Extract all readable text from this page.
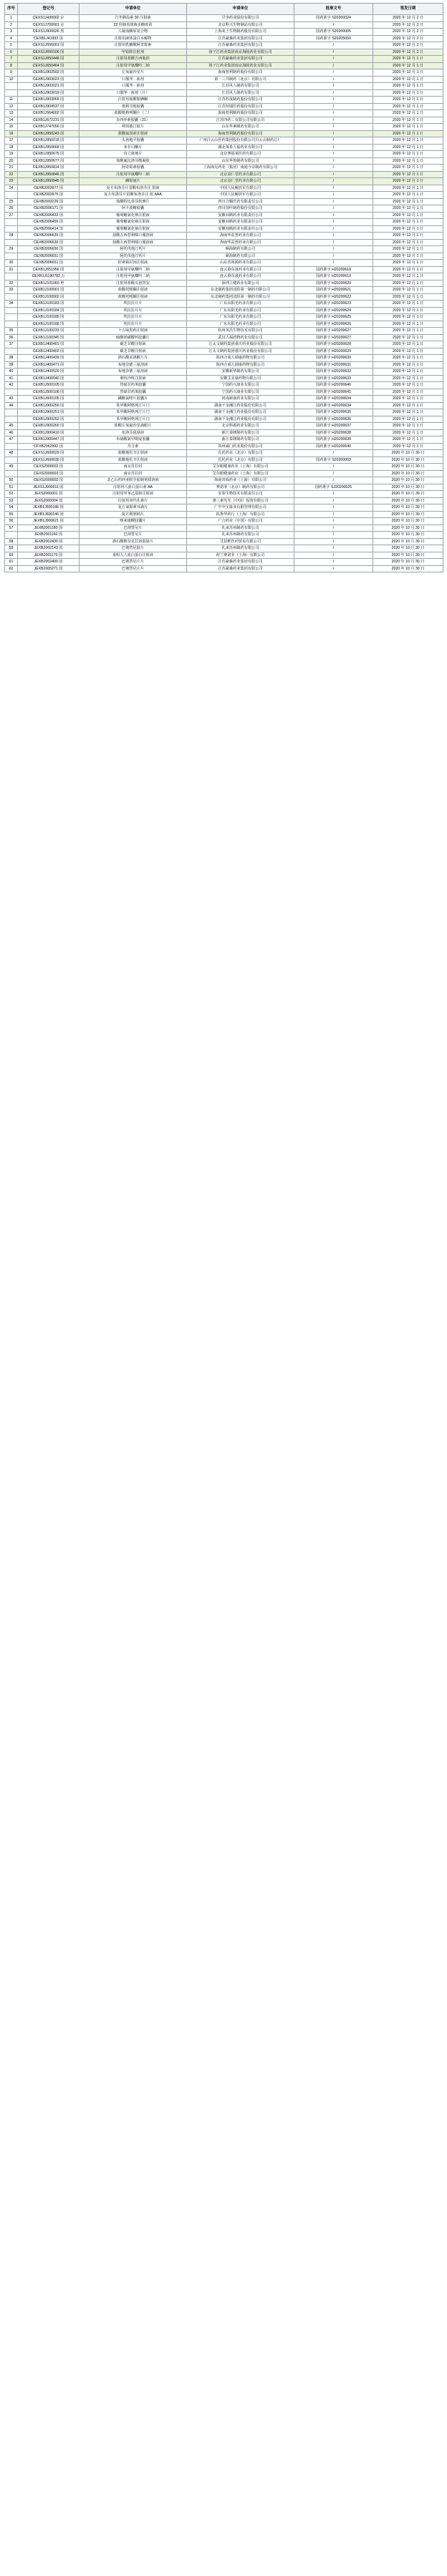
序号	登记号	申请单位	申请单位	批准文号	签发日期
1	CEXS1J430002 京	门冬胰岛素 30 注射液	甘李药业股份有限公司	国药准字 S20200024	2020 年 12 月 2 日
2	CEXS1J700001 京	23 价肺炎球菌多糖疫苗	北京科兴生物制品有限公司	/	2020 年 12 月 2 日
3	CEXS1J900026 黑	人凝血酶原复合物	上海莱士生物制药股份有限公司	国药准字 S20200005	2020 年 12 月 2 日
4	CEXB1J41993 国	注射用液体蛋白水解物	江苏豪森药业集团有限公司	国药准字 S20205050	2020 年 12 月 2 日
5	CEXS1J556001 国	注射用乳糖酸阿奇霉素	江苏豪森药业集团有限公司	/	2020 年 12 月 2 日
6	CEXS1J650106 国	甲钴胺注射剂	扬子江药业集团南京海陵药业有限公司	/	2020 年 12 月 2 日
7	CEXS1J650448 国	注射用盐酸吉西他滨	江苏豪森药业集团有限公司	/	2020 年 12 月 1 日
8	CEXS1J650464 国	注射用甲氨蝶呤二钠	扬子江药业集团南京海陵药业有限公司	/	2020 年 12 月 1 日
9	CEXB1J902503 国	左氧氟沙星片	海南普利制药股份有限公司	/	2020 年 12 月 1 日
10	CEXB1J903023 国	口服华 · 液剂	第一三共制药（北京）有限公司	/	2020 年 12 月 1 日
	CEXB1J903021 国	口服华 · 液剂	江苏风人制药有限公司	/	2020 年 12 月 1 日
	CEXB1J903019 国	口服华 · 液剂（片）	江苏风人制药有限公司	/	2020 年 12 月 1 日
11	CEXB1J903065 国	注射用盐酸胺碘酮	江苏苏晟制药股份有限公司	/	2020 年 12 月 1 日
12	CEXB1J904537 国	奥利司他胶囊	江苏恒瑞医药股份有限公司	/	2020 年 12 月 1 日
13	CEXB1J564002 国	盐酸吡格列酮片（二）	海南普利制药股份有限公司	/	2020 年 12 月 1 日
14	CEXB1J672231 国	多西环素胶囊（21）	江苏四药二有限公司有限公司	/	2020 年 12 月 1 日
15	CEXB1J747656 国	利伐他汀胶片	山东华素制药有限公司	/	2020 年 12 月 1 日
16	CEXB1J950243 国	盐酸氨溴索注射液	海南普利制药股份有限公司	/	2020 年 12 月 1 日
17	CEXB1J950218 国	头孢地平胶囊	广州白云山医药集团股份有限公司白云山制药总厂	/	2020 年 12 月 1 日
18	CEXB1J950668 国	米非司酮片	湖北莱希人福药业有限公司	/	2020 年 12 月 1 日
19	CEXB1J950675 国	仿立康地片	北京赛福莱医药有限公司	/	2020 年 12 月 1 日
20	CEXB1J950677 国	盐酸氟比洛芬酯凝胶	山东华鲁制药有限公司	/	2020 年 12 月 1 日
21	CEXB1J950814 国	阿奇霉素胶囊	上海海尼药业（集团）南通今奈制药有限公司	/	2020 年 12 月 1 日
22	CEXB1J950846 国	注射用甲氨蝶呤二钠	北京益仁堂药业有限公司	/	2020 年 12 月 1 日
23	CEXB1J950945 国	磷霉氨片	北京益仁堂药业有限公司	/	2020 年 12 月 1 日
24	CEXB2003977 国	复方布洛芬片雷酸布洛芬注 射液	中国人民解放军有限公司	/	2020 年 12 月 1 日
	CEXB2003975 国	复方布洛芬片雷酸布洛芬注 射 AAA	中国人民解放军有限公司	/	2020 年 12 月 1 日
25	CEXB2003226 国	盐酸特比萘芬软膏片	四川合顺医药有限责任公司	/	2020 年 12 月 1 日
26	CEXB2006171 国	阿卡波糖胶囊	四川国叶制药股份有限公司	/	2020 年 12 月 1 日
27	CEXB2006433 国	葡萄糖氯化钠注射液	安徽双鹤药业有限责任公司	/	2020 年 12 月 1 日
	CEXB2006455 国	葡萄糖氯化钠注射液	安徽双鹤药业有限责任公司	/	2020 年 12 月 1 日
	CEXB2006414 国	葡萄糖氯化钠注射液	安徽双鹤药业有限责任公司	/	2020 年 12 月 1 日
28	CEXB2006629 国	盐酸左西替利嗪口服溶液	海南华益普药业有限公司	/	2020 年 12 月 1 日
	CEXB2006630 国	盐酸左西替利嗪口服溶液	海南华益普药业有限公司	/	2020 年 12 月 1 日
29	CEXB2006650 国	阿托伐他汀钙片	厮海制药有限公司	/	2020 年 12 月 1 日
	CEXB2006651 国	阿托伐他汀钙片	厮海制药有限公司	/	2020 年 12 月 1 日
30	CEXB2006651 国	肝素钠封闭注射液	山东省裕源药业有限公司	/	2020 年 12 月 1 日
31	CEXB1J651956 国	注射用甲氨蝶呤二钠	连云港东晟药业有限公司	国药准字 H20200618	2020 年 12 月 1 日
	CEXB1J1190782 万	注射用甲氨蝶呤二钠	连云港东晟药业有限公司	国药准字 H20200619	2020 年 12 月 1 日
32	CEXB1J101060 粤	注射用盐酸头孢替安	深圳立健药业有限公司	国药准字 H20200620	2020 年 12 月 1 日
33	CEXB1J100001 国	盐酸托哌酮注射液	东北制药集团沈阳第一制药有限公司	国药准字 H20200621	2020 年 12 月 1 日
	CEXB1J100002 国	盐酸托哌酮注射液	东北制药集团沈阳第一制药有限公司	国药准字 H20200622	2020 年 12 月 1 日
34	CEXB1J100183 国	埃拉拉片片	广东东阳光药业有限公司	国药准字 H20200623	2020 年 12 月 1 日
	CEXB1J100184 国	埃拉拉片片	广东东阳光药业有限公司	国药准字 H20200624	2020 年 12 月 1 日
	CEXB1J100185 国	埃拉拉片片	广东东阳光药业有限公司	国药准字 H20200625	2020 年 12 月 1 日
	CEXB1J100186 国	埃拉拉片片	广东东阳光药业有限公司	国药准字 H20200626	2020 年 12 月 1 日
35	CEXB1J100233 国	十五味黑药注射液	杭州英昌生物技术有限公司	国药准字 H20200627	2020 年 12 月 1 日
36	CEXB1J100345 国	硫酸镁碳酸钙胶囊片	武汉人福药物药业有限公司	国药准字 H20200627	2020 年 12 月 1 日
37	CEXB1J400401 国	碳芝甘酸注射液	江太文制药集团重庆药业股份有限公司	国药准字 H20200628	2020 年 12 月 1 日
	CEXB1J400402 国	碳芝甘酸注射液	江太文制药集团重庆药业股份有限公司	国药准字 H20200629	2020 年 12 月 1 日
38	CEXB1J400439 国	酒石酸美洛酸片片	陕西合成人瑞康药物有限公司	国药准字 H20200630	2020 年 12 月 1 日
39	CEXB1J400471 国	布地奈德三氨溶液	陕西合成人瑞康药物有限公司	国药准字 H20200631	2020 年 12 月 1 日
40	CEXB1J400520 国	布地奈德三氨溶液	安徽新华制药有限公司	国药准字 H20200632	2020 年 12 月 1 日
41	CEXB1J400540 国	利伐沙班注射液	安徽艾美康药物有限公司	国药准字 H20200633	2020 年 12 月 1 日
42	CEXB1J500105 国	替硝甘药苯胶囊	宁国药兴康业有限公司	国药准字 H20200640	2020 年 12 月 1 日
	CEXB1J500106 国	替硝甘药苯胶囊	宁国药兴康业有限公司	国药准字 H20200641	2020 年 12 月 1 日
43	CEXB1J600105 国	磷酸氯喹片胶囊片	河南新康药业有限公司	国药准字 H20200634	2020 年 12 月 1 日
44	CEXB1J900250 国	苯甲酸阿格列汀片门	湖南千金湘江药业股份有限公司	国药准字 H20200634	2020 年 12 月 1 日
	CEXB1J900251 国	苯甲酸阿格列汀片门	湖南千金湘江药业股份有限公司	国药准字 H20200635	2020 年 12 月 1 日
	CEXB1J900252 国	苯甲酸阿格列汀片门	湖南千金湘江药业股份有限公司	国药准字 H20200636	2020 年 12 月 1 日
45	CEXB1J900260 国	盐酸左氧氟沙星滴眼片	北京科源药业有限公司	国药准字 H20200637	2020 年 12 月 1 日
46	CEXB1J900410 国	布洛芬混悬液	浙江泰隆制药有限公司	国药准字 H20200638	2020 年 12 月 1 日
47	CEXB1J900447 国	布硝酸氯甲吡啶胶囊	浙江泰隆制药有限公司	国药准字 H20200639	2020 年 12 月 1 日
	CFXB2062992 国	丹合素	贵州威门药业股份有限公司	国药准字 H20200640	2020 年 12 月 1 日
48	CEXS1J600029 国	盐酸地佐辛注射液	扎托药业（北京）有限公司	/	2020 年 10 月 30 日
	CEXS1J600030 国	盐酸地佐辛注射液	扎托药业（北京）有限公司	国药准字 S20200003	2020 年 10 月 30 日
49	CEXS2000002 国	南京苏拉封	艾尔眼健康药业（上海）有限公司	/	2020 年 10 月 30 日
	CEXS2000003 国	南京苏拉封	艾尔眼健康药业（上海）有限公司	/	2020 年 10 月 30 日
50	CEXS2000002 国	北乙白药西亚胺苷胶制剂质溶液	海南双成药业（上海）有限公司	/	2020 年 10 月 30 日
51	JEXS1J900011 国	注射用人血白蛋白素 AA	赛诺菲（北京）制药有限公司	国药准字 SJ20200025	2020 年 10 月 30 日
52	JEXS2000001 国	注射用甲苯乙基胺注射液	安泰生物技术有限责任公司	/	2020 年 10 月 30 日
53	JEXS2000004 国	注射用双代孔素片	惠三素光光（中国）投资有限公司	/	2020 年 10 月 30 日
54	JEXB1J600186 国	复方氯霉素耳滴片	广中中宝康业有限管理有限公司	/	2020 年 10 月 30 日
55	JEXB1J600146 国	复方利胆钠片	拓鲁华药行（上海）有限公司	/	2020 年 10 月 30 日
56	JEXB1J900621 国	喀来康酸胶囊片	广合药业（中国）有限公司	/	2020 年 10 月 30 日
57	JEXB2001180 国	巴彻替尼片	礼来苏州制药有限公司	/	2020 年 10 月 30 日
	JEXB2001160 国	巴彻替尼片	礼来苏州制药有限公司	/	2020 年 10 月 30 日
58	JEXB2002430 国	酒石酸维奈克拉洛混悬片	艾伯维医药贸易有限公司	/	2020 年 10 月 30 日
59	JEXB2002143 国	巴彻替尼胶片	礼来苏州制药有限公司	/	2020 年 10 月 30 日
60	JEXB2001170 国	重组人人血白蛋白注射液	荷兰赛诺菲（上海）有限公司	/	2020 年 10 月 30 日
61	JEXB2002400 国	巴彻替尼片片	江苏豪森药业集团有限公司	/	2020 年 10 月 30 日
62	JEXB2005271 国	巴彻替尼片片	江苏豪森药业集团有限公司	/	2020 年 10 月 30 日
